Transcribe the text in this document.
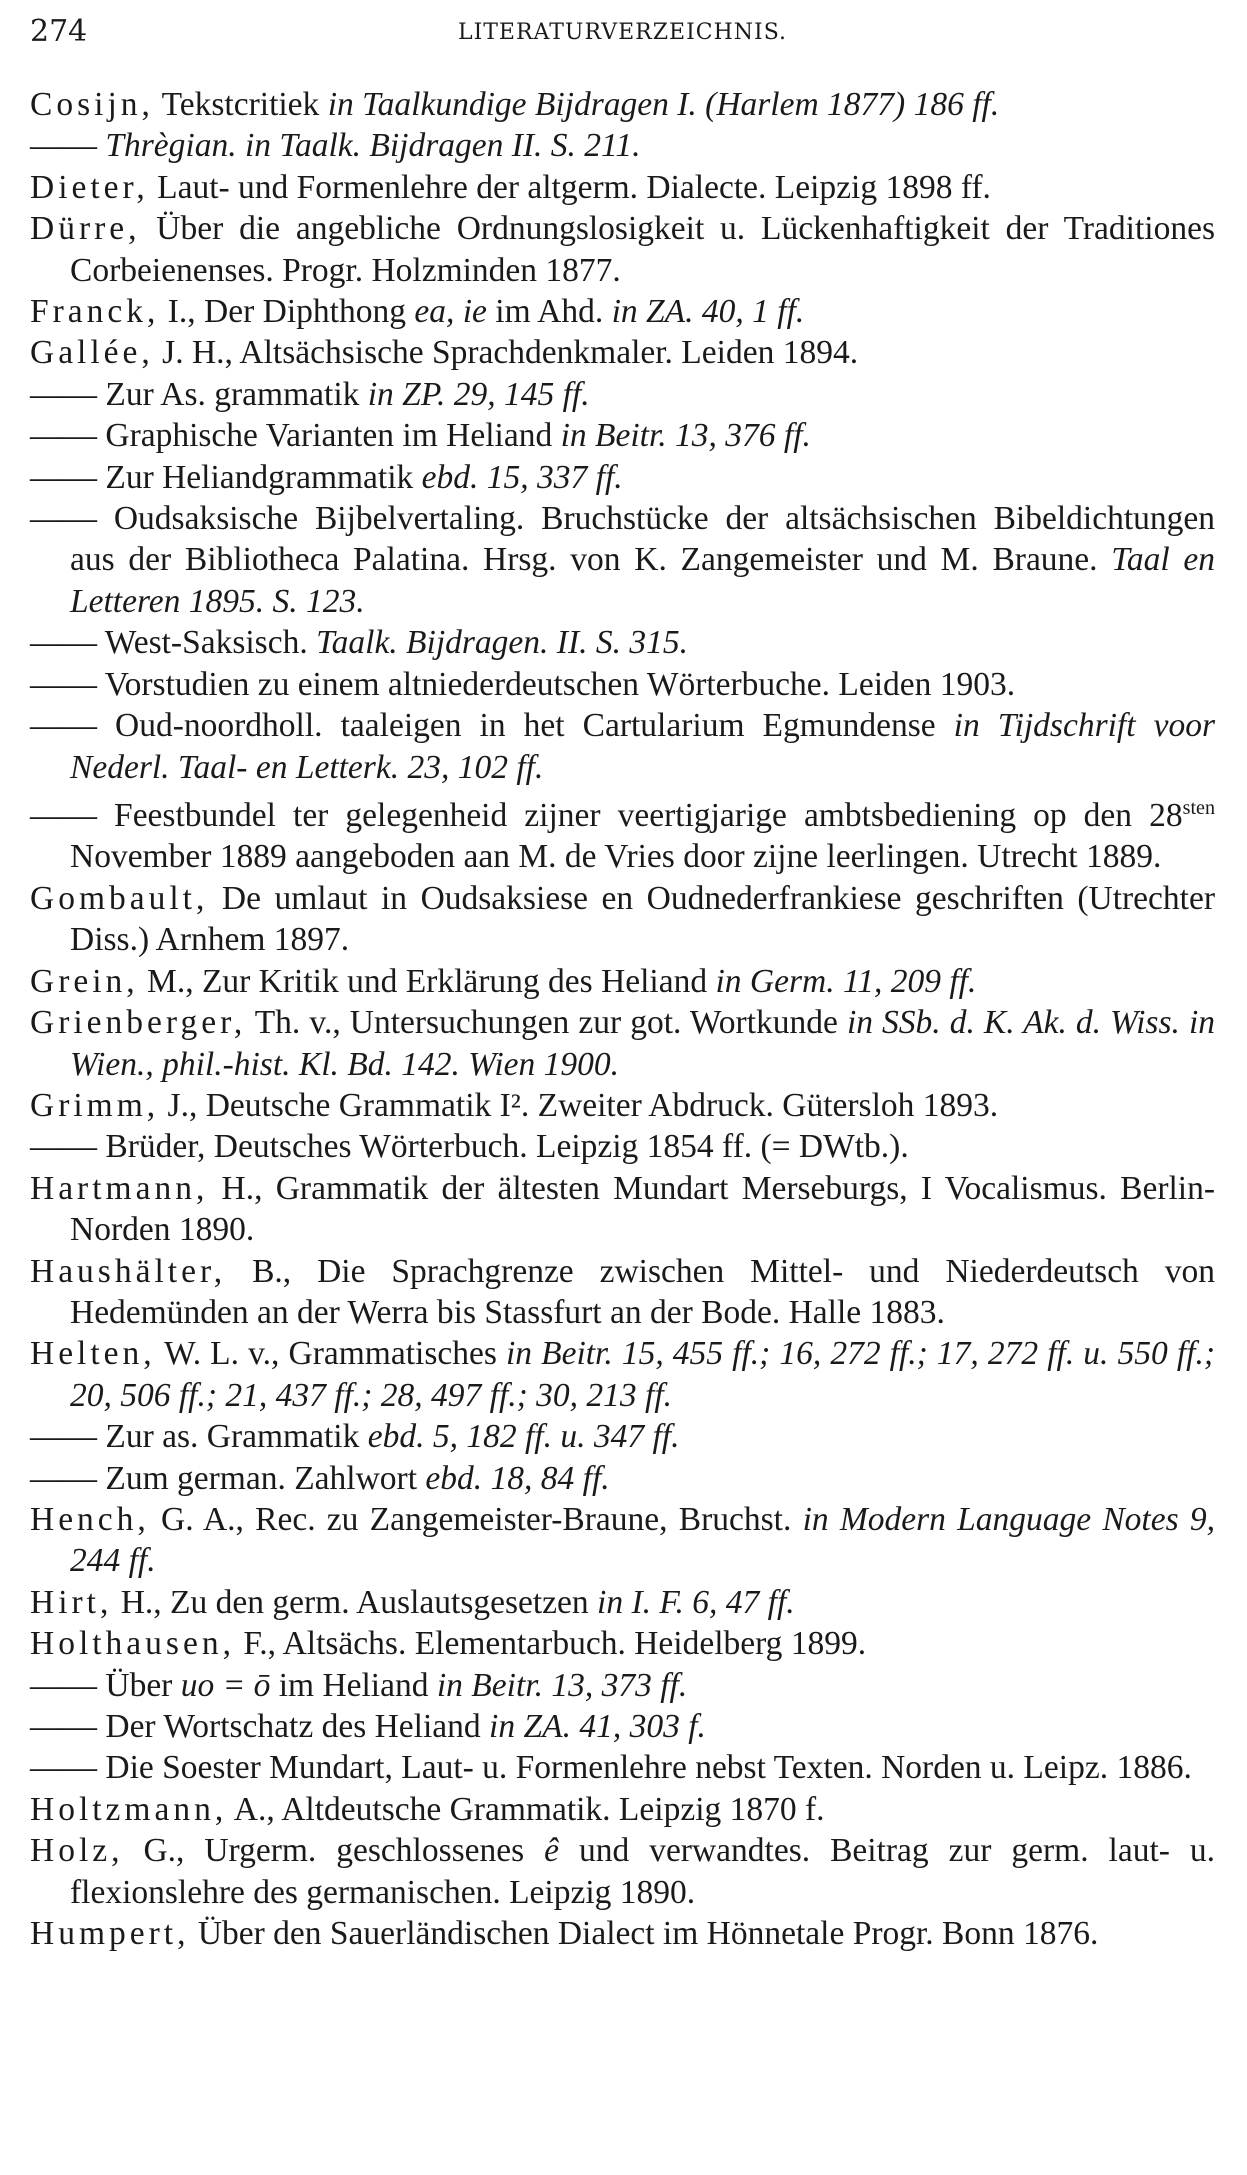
274	LITERATURVERZEICHNIS.
Cosijn, Tekstcritiek in Taalkundige Bijdragen I. (Harlem 1877) 186 ff.
—— Thrègian. in Taalk. Bijdragen II. S. 211.
Dieter, Laut- und Formenlehre der altgerm. Dialecte. Leipzig 1898 ff.
Dürre, Über die angebliche Ordnungslosigkeit u. Lückenhaftigkeit der Traditiones Corbeienenses. Progr. Holzminden 1877.
Franck, I., Der Diphthong ea, ie im Ahd. in ZA. 40, 1 ff.
Gallée, J. H., Altsächsische Sprachdenkmaler. Leiden 1894.
—— Zur As. grammatik in ZP. 29, 145 ff.
—— Graphische Varianten im Heliand in Beitr. 13, 376 ff.
—— Zur Heliandgrammatik ebd. 15, 337 ff.
—— Oudsaksische Bijbelvertaling. Bruchstücke der altsächsischen Bibeldichtungen aus der Bibliotheca Palatina. Hrsg. von K. Zangemeister und M. Braune. Taal en Letteren 1895. S. 123.
—— West-Saksisch. Taalk. Bijdragen. II. S. 315.
—— Vorstudien zu einem altniederdeutschen Wörterbuche. Leiden 1903.
—— Oud-noordholl. taaleigen in het Cartularium Egmundense in Tijdschrift voor Nederl. Taal- en Letterk. 23, 102 ff.
—— Feestbundel ter gelegenheid zijner veertigjarige ambtsbediening op den $28^{sten}$ November 1889 aangeboden aan M. de Vries door zijne leerlingen. Utrecht 1889.
Gombault, De umlaut in Oudsaksiese en Oudnederfrankiese geschriften (Utrechter Diss.) Arnhem 1897.
Grein, M., Zur Kritik und Erklärung des Heliand in Germ. 11, 209 ff.
Grienberger, Th. v., Untersuchungen zur got. Wortkunde in SSb. d. K. Ak. d. Wiss. in Wien., phil.-hist. Kl. Bd. 142. Wien 1900.
Grimm, J., Deutsche Grammatik I². Zweiter Abdruck. Gütersloh 1893.
—— Brüder, Deutsches Wörterbuch. Leipzig 1854 ff. (= DWtb.).
Hartmann, H., Grammatik der ältesten Mundart Merseburgs, I Vocalismus. Berlin-Norden 1890.
Haushälter, B., Die Sprachgrenze zwischen Mittel- und Niederdeutsch von Hedemünden an der Werra bis Stassfurt an der Bode. Halle 1883.
Helten, W. L. v., Grammatisches in Beitr. 15, 455 ff.; 16, 272 ff.; 17, 272 ff. u. 550 ff.; 20, 506 ff.; 21, 437 ff.; 28, 497 ff.; 30, 213 ff.
—— Zur as. Grammatik ebd. 5, 182 ff. u. 347 ff.
—— Zum german. Zahlwort ebd. 18, 84 ff.
Hench, G. A., Rec. zu Zangemeister-Braune, Bruchst. in Modern Language Notes 9, 244 ff.
Hirt, H., Zu den germ. Auslautsgesetzen in I. F. 6, 47 ff.
Holthausen, F., Altsächs. Elementarbuch. Heidelberg 1899.
—— Über uo = ō im Heliand in Beitr. 13, 373 ff.
—— Der Wortschatz des Heliand in ZA. 41, 303 f.
—— Die Soester Mundart, Laut- u. Formenlehre nebst Texten. Norden u. Leipz. 1886.
Holtzmann, A., Altdeutsche Grammatik. Leipzig 1870 f.
Holz, G., Urgerm. geschlossenes ê und verwandtes. Beitrag zur germ. laut- u. flexionslehre des germanischen. Leipzig 1890.
Humpert, Über den Sauerländischen Dialect im Hönnetale Progr. Bonn 1876.
